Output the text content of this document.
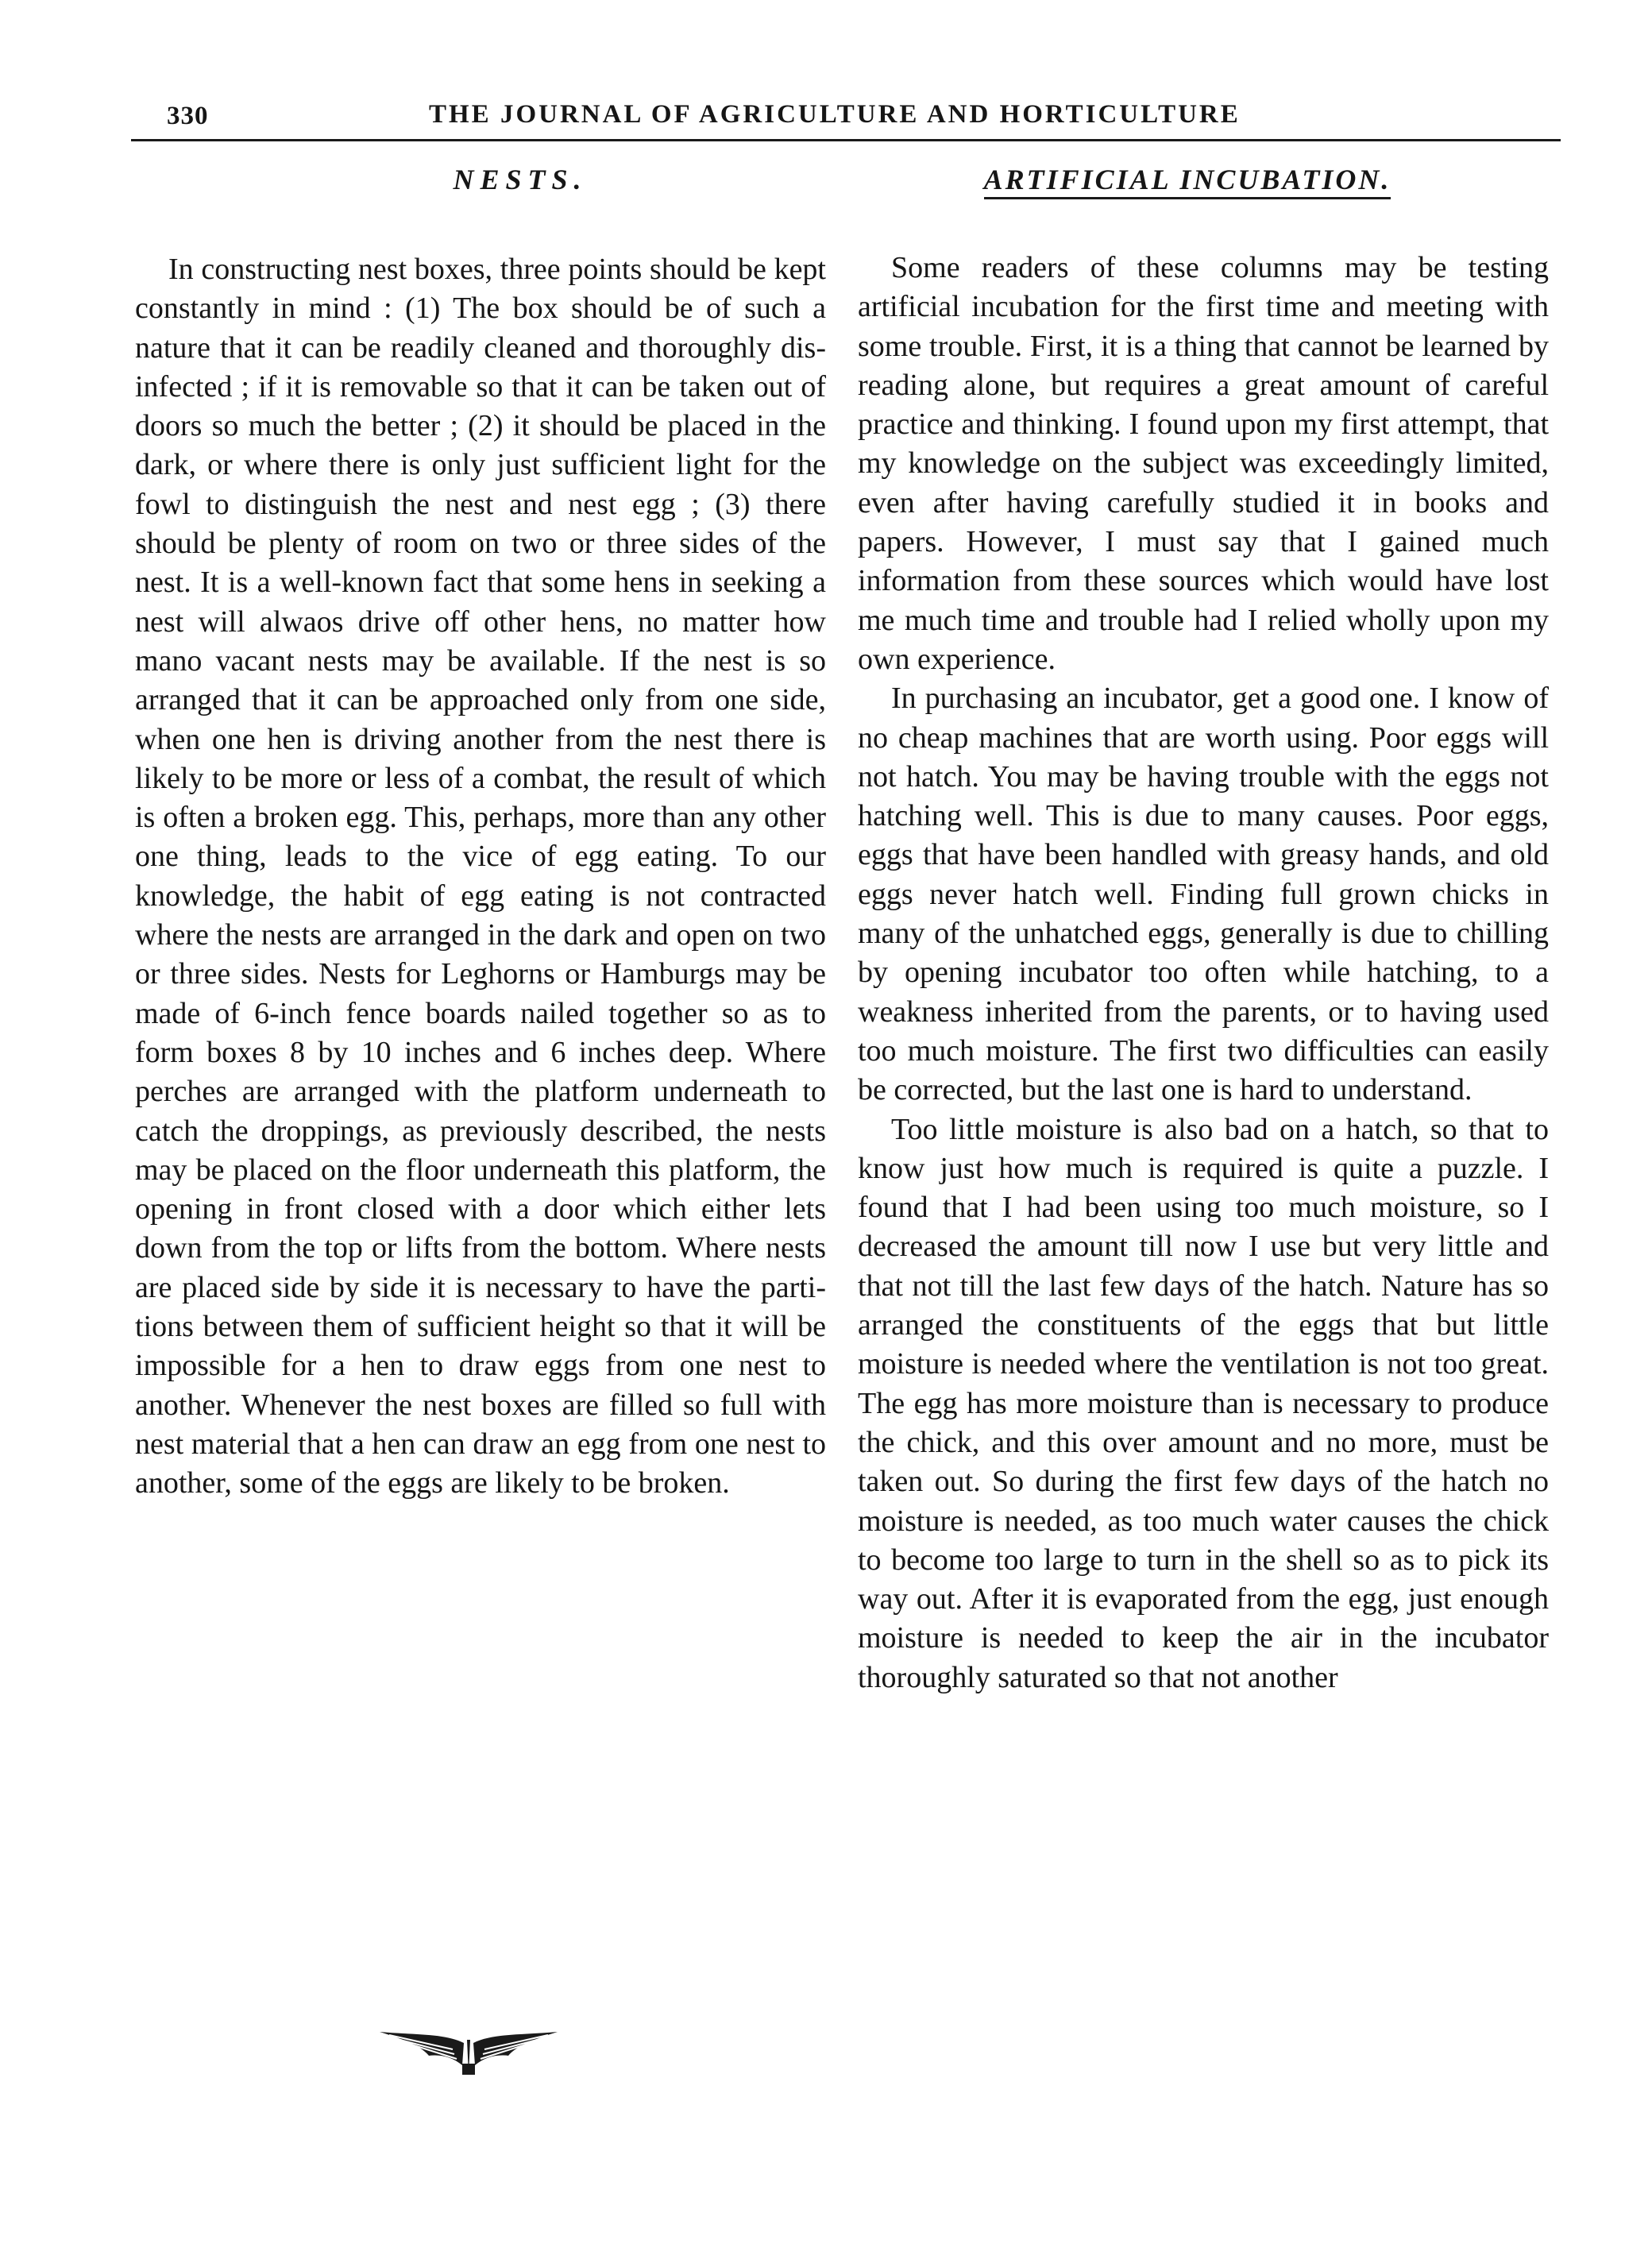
330	THE JOURNAL OF AGRICULTURE AND HORTICULTURE
NESTS.

In constructing nest boxes, three points should be kept constantly in mind : (1) The box should be of such a nature that it can be readily cleaned and thoroughly disinfected ; if it is removable so that it can be taken out of doors so much the better ; (2) it should be placed in the dark, or where there is only just sufficient light for the fowl to distinguish the nest and nest egg ; (3) there should be plenty of room on two or three sides of the nest. It is a well-known fact that some hens in seeking a nest will alwaos drive off other hens, no matter how mano vacant nests may be available. If the nest is so arranged that it can be approached only from one side, when one hen is driving another from the nest there is likely to be more or less of a combat, the result of which is often a broken egg. This, perhaps, more than any other one thing, leads to the vice of egg eating. To our knowledge, the habit of egg eating is not contracted where the nests are arranged in the dark and open on two or three sides. Nests for Leghorns or Hamburgs may be made of 6-inch fence boards nailed together so as to form boxes 8 by 10 inches and 6 inches deep. Where perches are arranged with the platform underneath to catch the droppings, as previously described, the nests may be placed on the floor underneath this platform, the opening in front closed with a door which either lets down from the top or lifts from the bottom. Where nests are placed side by side it is necessary to have the partitions between them of sufficient height so that it will be impossible for a hen to draw eggs from one nest to another. Whenever the nest boxes are filled so full with nest material that a hen can draw an egg from one nest to another, some of the eggs are likely to be broken.

ARTIFICIAL INCUBATION.

Some readers of these columns may be testing artificial incubation for the first time and meeting with some trouble. First, it is a thing that cannot be learned by reading alone, but requires a great amount of careful practice and thinking. I found upon my first attempt, that my knowledge on the subject was exceedingly limited, even after having carefully studied it in books and papers. However, I must say that I gained much information from these sources which would have lost me much time and trouble had I relied wholly upon my own experience.

In purchasing an incubator, get a good one. I know of no cheap machines that are worth using. Poor eggs will not hatch. You may be having trouble with the eggs not hatching well. This is due to many causes. Poor eggs, eggs that have been handled with greasy hands, and old eggs never hatch well. Finding full grown chicks in many of the unhatched eggs, generally is due to chilling by opening incubator too often while hatching, to a weakness inherited from the parents, or to having used too much moisture. The first two difficulties can easily be corrected, but the last one is hard to understand.

Too little moisture is also bad on a hatch, so that to know just how much is required is quite a puzzle. I found that I had been using too much moisture, so I decreased the amount till now I use but very little and that not till the last few days of the hatch. Nature has so arranged the constituents of the eggs that but little moisture is needed where the ventilation is not too great. The egg has more moisture than is necessary to produce the chick, and this over amount and no more, must be taken out. So during the first few days of the hatch no moisture is needed, as too much water causes the chick to become too large to turn in the shell so as to pick its way out. After it is evaporated from the egg, just enough moisture is needed to keep the air in the incubator thoroughly saturated so that not another
